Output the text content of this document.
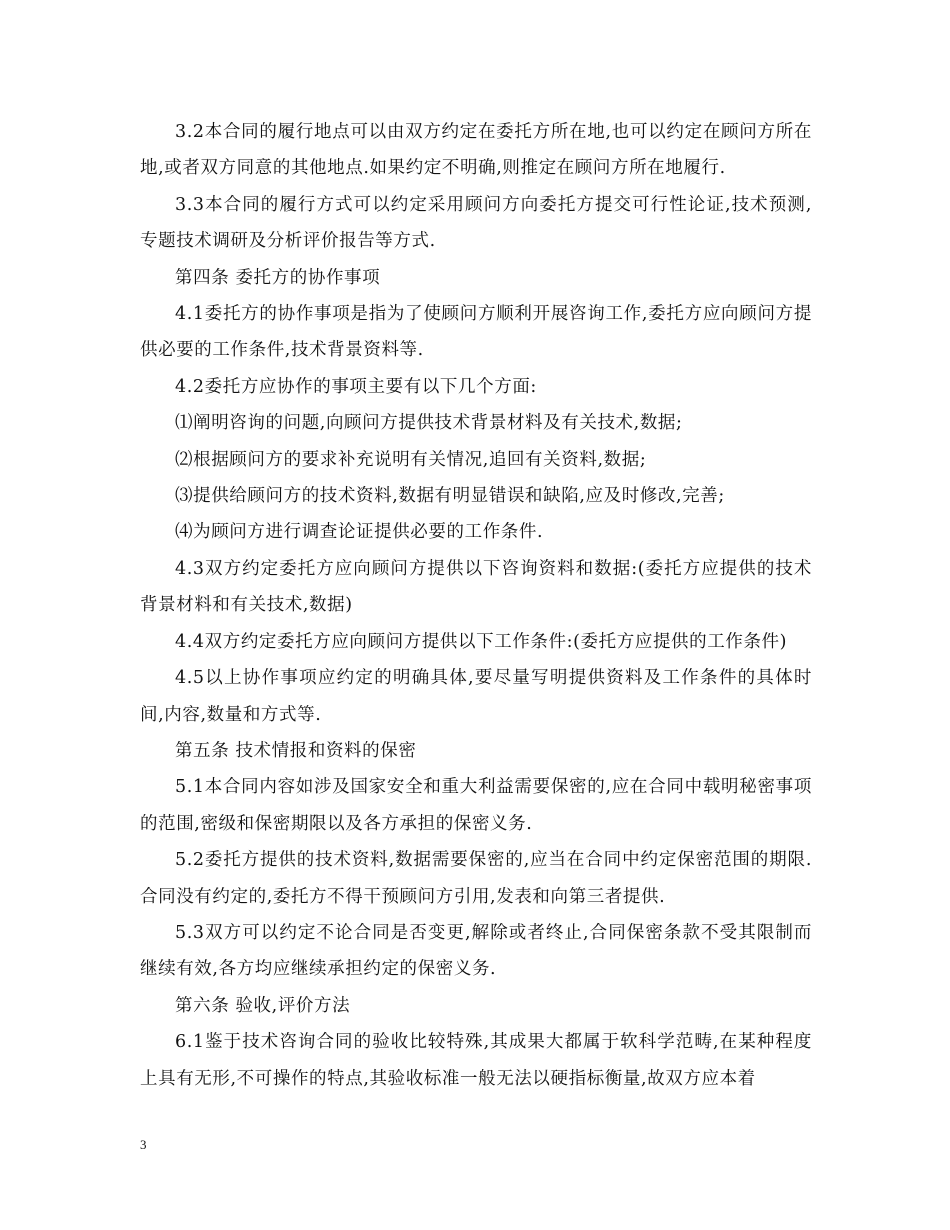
3.2本合同的履行地点可以由双方约定在委托方所在地,也可以约定在顾问方所在地,或者双方同意的其他地点.如果约定不明确,则推定在顾问方所在地履行.

3.3本合同的履行方式可以约定采用顾问方向委托方提交可行性论证,技术预测,专题技术调研及分析评价报告等方式.

第四条 委托方的协作事项

4.1委托方的协作事项是指为了使顾问方顺利开展咨询工作,委托方应向顾问方提供必要的工作条件,技术背景资料等.

4.2委托方应协作的事项主要有以下几个方面:

⑴阐明咨询的问题,向顾问方提供技术背景材料及有关技术,数据;

⑵根据顾问方的要求补充说明有关情况,追回有关资料,数据;

⑶提供给顾问方的技术资料,数据有明显错误和缺陷,应及时修改,完善;

⑷为顾问方进行调查论证提供必要的工作条件.

4.3双方约定委托方应向顾问方提供以下咨询资料和数据:(委托方应提供的技术背景材料和有关技术,数据)

4.4双方约定委托方应向顾问方提供以下工作条件:(委托方应提供的工作条件)

4.5以上协作事项应约定的明确具体,要尽量写明提供资料及工作条件的具体时间,内容,数量和方式等.

第五条 技术情报和资料的保密

5.1本合同内容如涉及国家安全和重大利益需要保密的,应在合同中载明秘密事项的范围,密级和保密期限以及各方承担的保密义务.

5.2委托方提供的技术资料,数据需要保密的,应当在合同中约定保密范围的期限.合同没有约定的,委托方不得干预顾问方引用,发表和向第三者提供.

5.3双方可以约定不论合同是否变更,解除或者终止,合同保密条款不受其限制而继续有效,各方均应继续承担约定的保密义务.

第六条 验收,评价方法

6.1鉴于技术咨询合同的验收比较特殊,其成果大都属于软科学范畴,在某种程度上具有无形,不可操作的特点,其验收标准一般无法以硬指标衡量,故双方应本着

3
